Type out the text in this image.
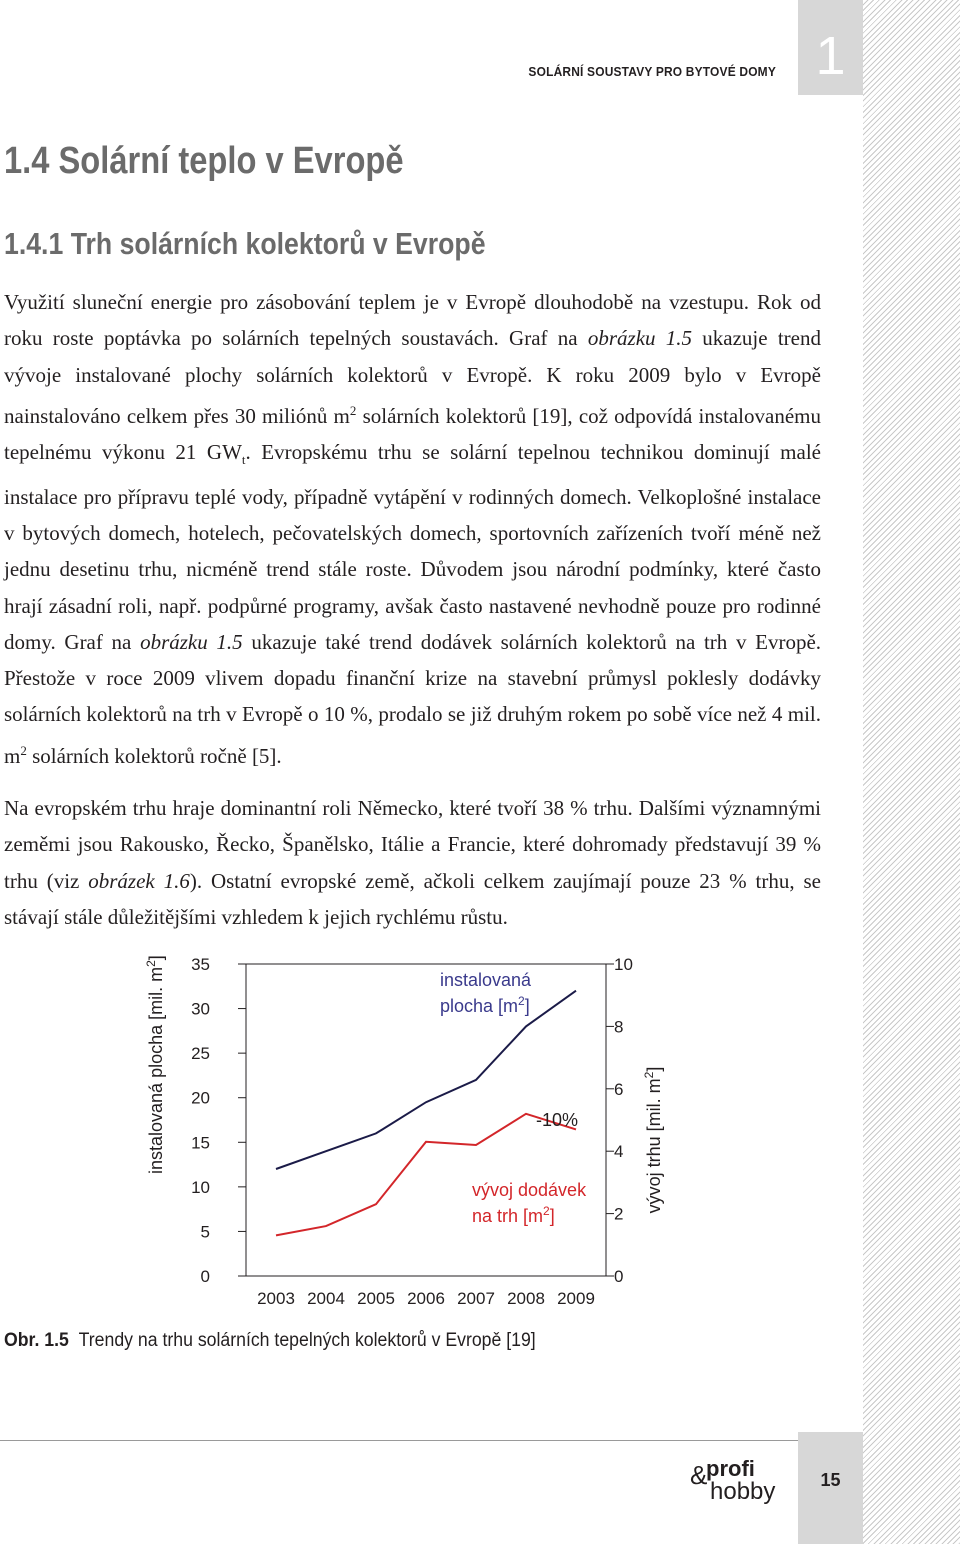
1
SOLÁRNÍ SOUSTAVY PRO BYTOVÉ DOMY
1.4 Solární teplo v Evropě
1.4.1 Trh solárních kolektorů v Evropě

Využití sluneční energie pro zásobování teplem je v Evropě dlouhodobě na vzestupu. Rok od roku roste poptávka po solárních tepelných soustavách. Graf na obrázku 1.5 ukazuje trend vývoje instalované plochy solárních kolektorů v Evropě. K roku 2009 bylo v Evropě nainstalováno celkem přes 30 miliónů $m^2$ solárních kolektorů [19], což odpovídá instalovanému tepelnému výkonu 21 $GW_t$. Evropskému trhu se solární tepelnou technikou dominují malé instalace pro přípravu teplé vody, případně vytápění v rodinných domech. Velkoplošné instalace v bytových domech, hotelech, pečovatelských domech, sportovních zařízeních tvoří méně než jednu desetinu trhu, nicméně trend stále roste. Důvodem jsou národní podmínky, které často hrají zásadní roli, např. podpůrné programy, avšak často nastavené nevhodně pouze pro rodinné domy. Graf na obrázku 1.5 ukazuje také trend dodávek solárních kolektorů na trh v Evropě. Přestože v roce 2009 vlivem dopadu finanční krize na stavební průmysl poklesly dodávky solárních kolektorů na trh v Evropě o 10 %, prodalo se již druhým rokem po sobě více než 4 mil. $m^2$ solárních kolektorů ročně [5].

Na evropském trhu hraje dominantní roli Německo, které tvoří 38 % trhu. Dalšími významnými zeměmi jsou Rakousko, Řecko, Španělsko, Itálie a Francie, které dohromady představují 39 % trhu (viz obrázek 1.6). Ostatní evropské země, ačkoli celkem zaujímají pouze 23 % trhu, se stávají stále důležitějšími vzhledem k jejich rychlému růstu.

0
5
10
15
20
25
30
35
0
2
4
6
8
10
2003 2004 2005 2006 2007 2008 2009
instalovaná plocha [mil. $m^2$]
vývoj trhu [mil. $m^2$]
instalovaná
plocha $[m^2]$
-10%
vývoj dodávek
na trh $[m^2]$
Obr. 1.5 Trendy na trhu solárních tepelných kolektorů v Evropě [19]
&
profi
hobby	15
